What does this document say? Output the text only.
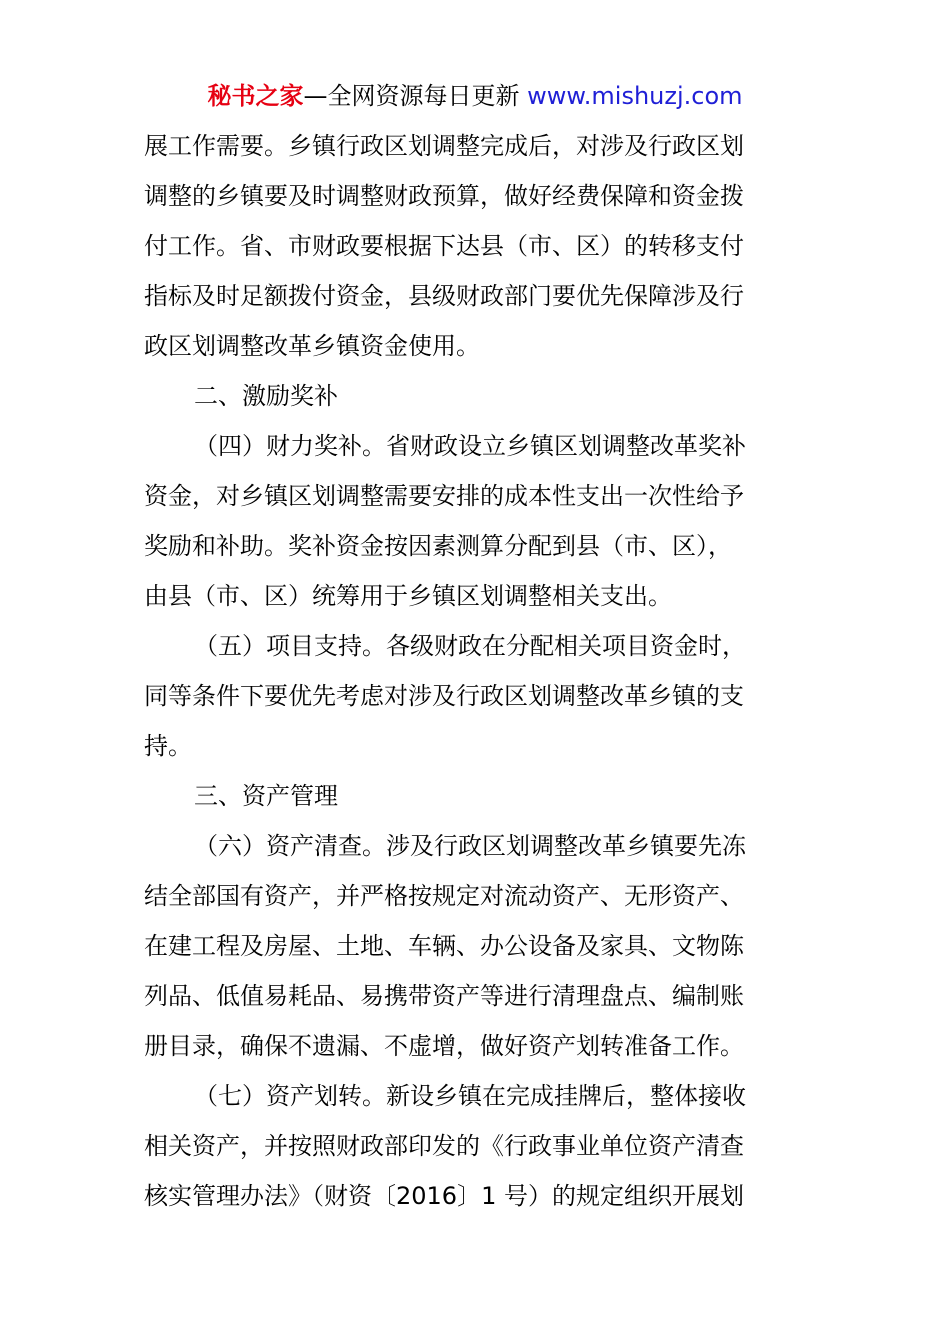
秘书之家—全网资源每日更新 www.mishuzj.com
展工作需要。乡镇行政区划调整完成后，对涉及行政区划
调整的乡镇要及时调整财政预算，做好经费保障和资金拨
付工作。省、市财政要根据下达县（市、区）的转移支付
指标及时足额拨付资金，县级财政部门要优先保障涉及行
政区划调整改革乡镇资金使用。
二、激励奖补
（四）财力奖补。省财政设立乡镇区划调整改革奖补
资金，对乡镇区划调整需要安排的成本性支出一次性给予
奖励和补助。奖补资金按因素测算分配到县（市、区），
由县（市、区）统筹用于乡镇区划调整相关支出。
（五）项目支持。各级财政在分配相关项目资金时，
同等条件下要优先考虑对涉及行政区划调整改革乡镇的支
持。
三、资产管理
（六）资产清查。涉及行政区划调整改革乡镇要先冻
结全部国有资产，并严格按规定对流动资产、无形资产、
在建工程及房屋、土地、车辆、办公设备及家具、文物陈
列品、低值易耗品、易携带资产等进行清理盘点、编制账
册目录，确保不遗漏、不虚增，做好资产划转准备工作。
（七）资产划转。新设乡镇在完成挂牌后，整体接收
相关资产，并按照财政部印发的《行政事业单位资产清查
核实管理办法》（财资〔2016〕1 号）的规定组织开展划
